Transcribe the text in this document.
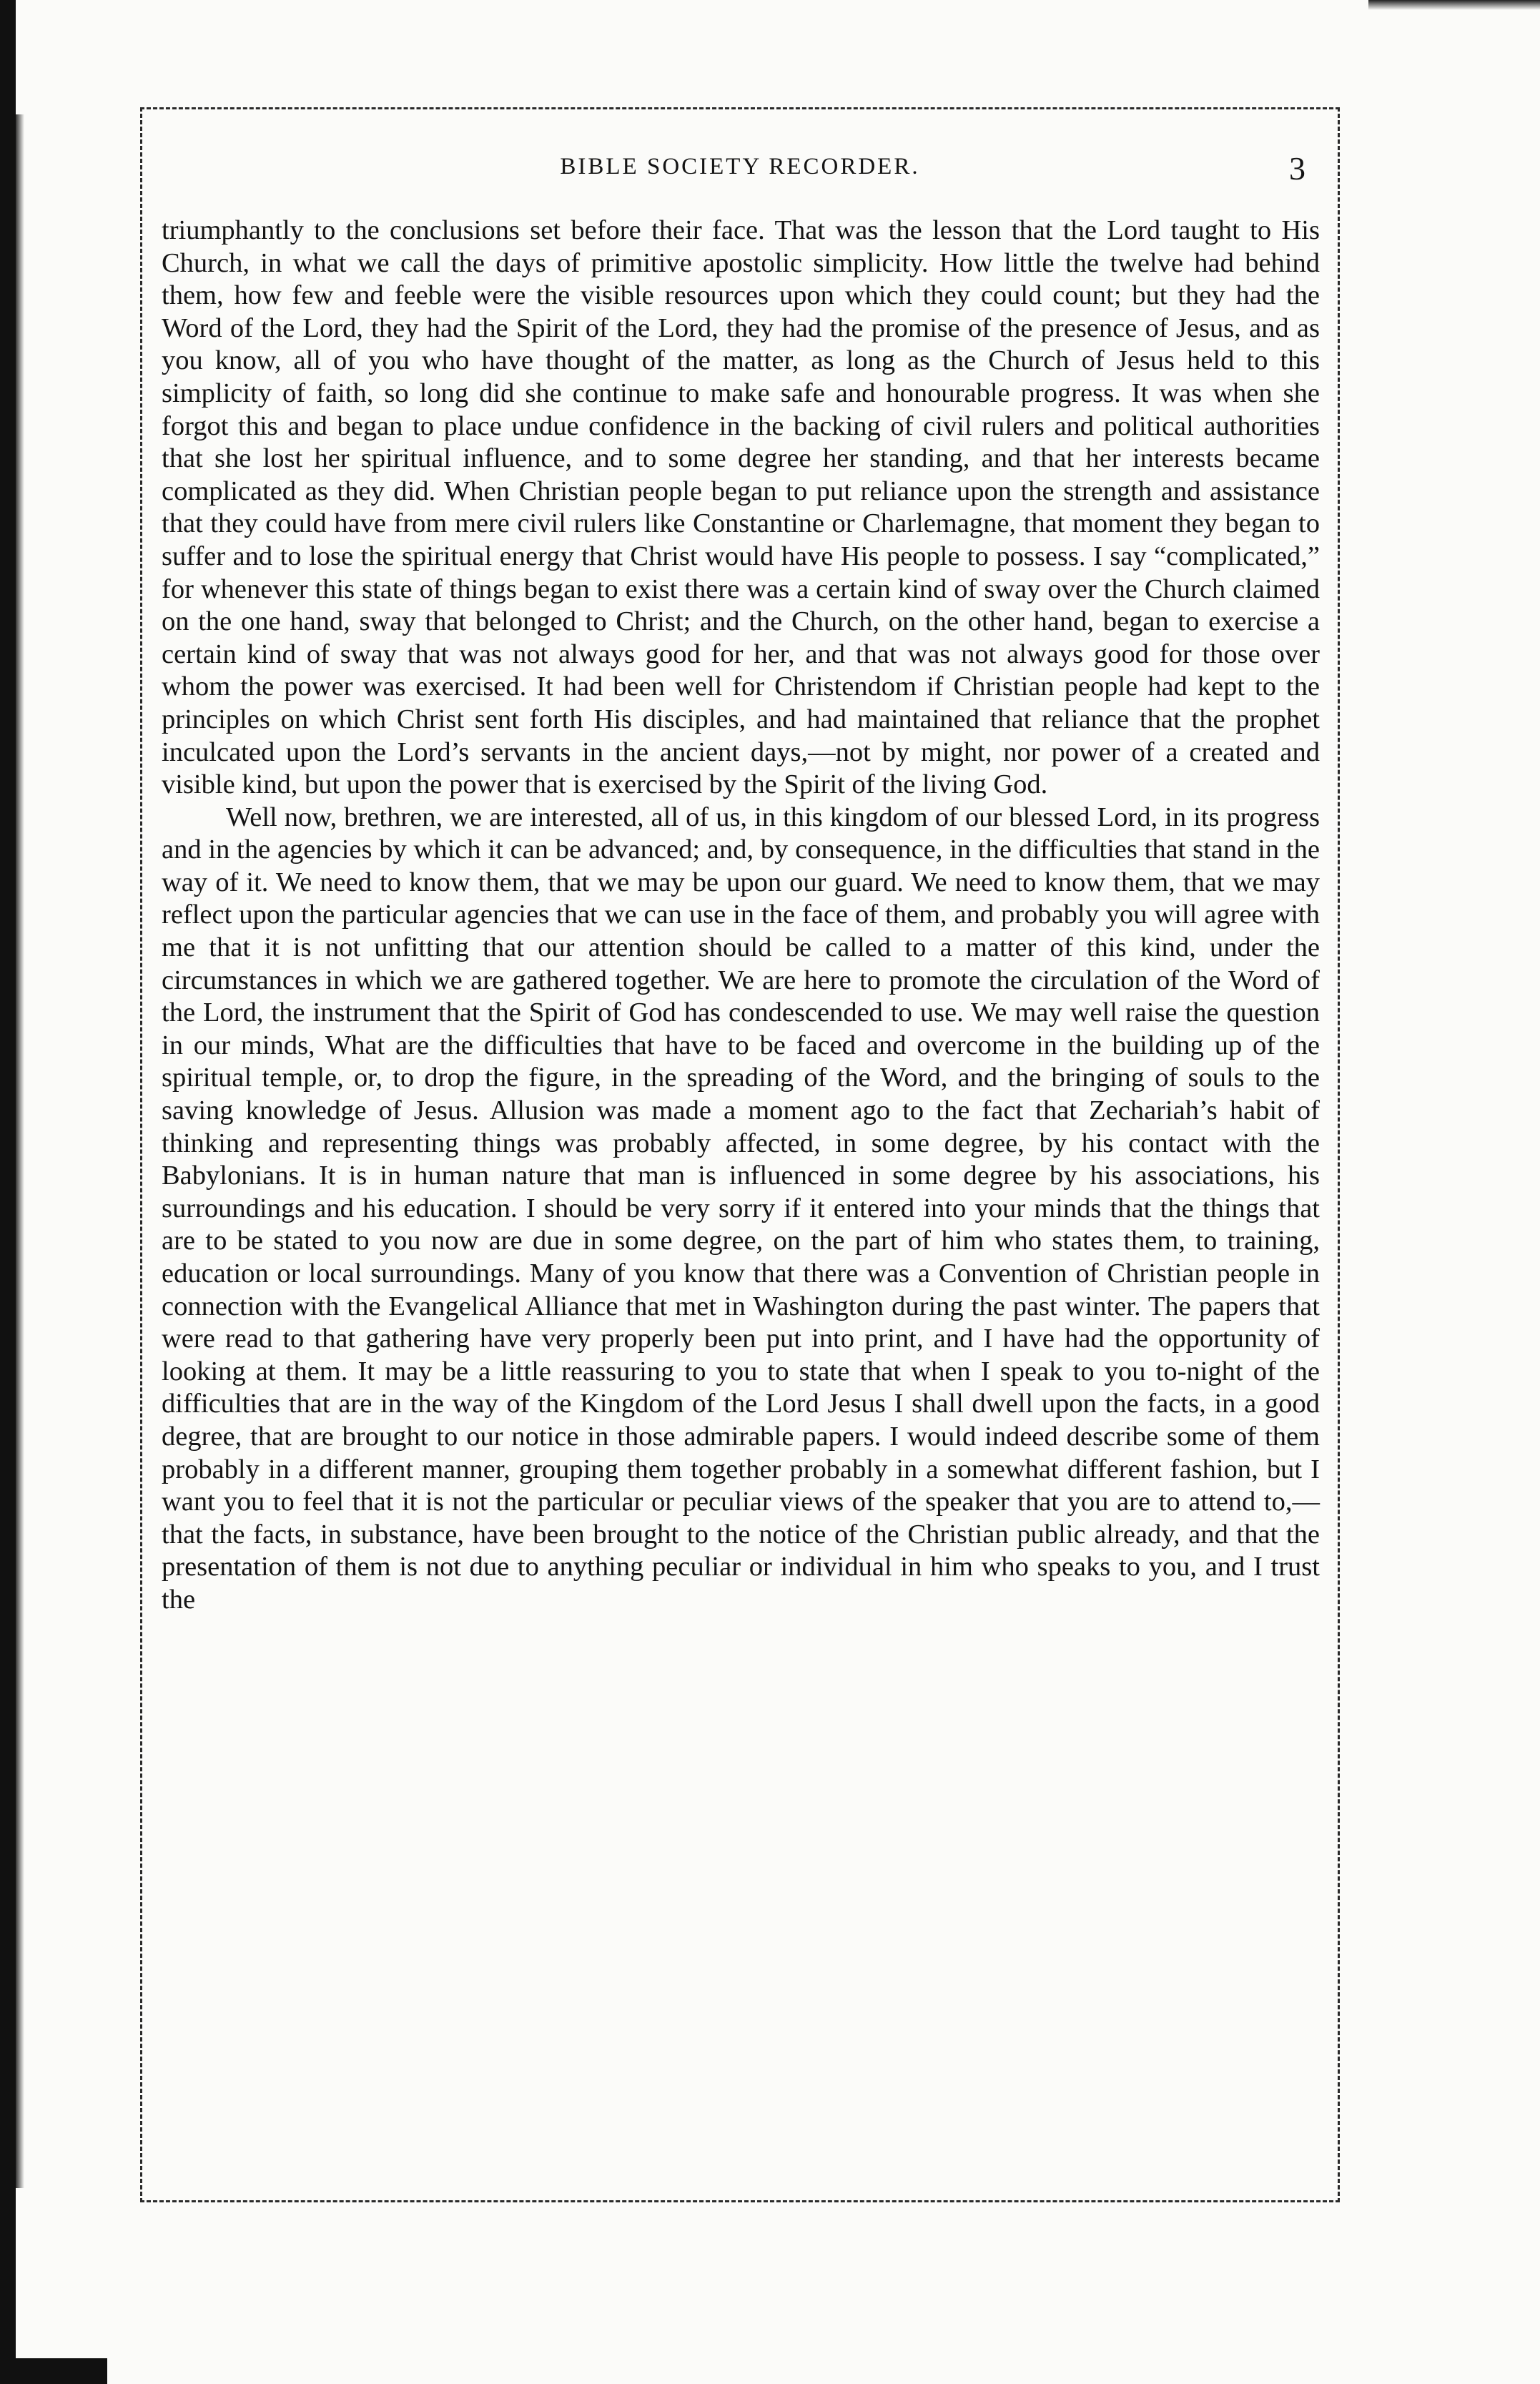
BIBLE SOCIETY RECORDER.	3

triumphantly to the conclusions set before their face. That was the lesson that the Lord taught to His Church, in what we call the days of primitive apostolic simplicity. How little the twelve had behind them, how few and feeble were the visible resources upon which they could count; but they had the Word of the Lord, they had the Spirit of the Lord, they had the promise of the presence of Jesus, and as you know, all of you who have thought of the matter, as long as the Church of Jesus held to this simplicity of faith, so long did she continue to make safe and honourable progress. It was when she forgot this and began to place undue confidence in the backing of civil rulers and political authorities that she lost her spiritual influence, and to some degree her standing, and that her interests became complicated as they did. When Christian people began to put reliance upon the strength and assistance that they could have from mere civil rulers like Constantine or Charlemagne, that moment they began to suffer and to lose the spiritual energy that Christ would have His people to possess. I say “complicated,” for whenever this state of things began to exist there was a certain kind of sway over the Church claimed on the one hand, sway that belonged to Christ; and the Church, on the other hand, began to exercise a certain kind of sway that was not always good for her, and that was not always good for those over whom the power was exercised. It had been well for Christendom if Christian people had kept to the principles on which Christ sent forth His disciples, and had maintained that reliance that the prophet inculcated upon the Lord’s servants in the ancient days,—not by might, nor power of a created and visible kind, but upon the power that is exercised by the Spirit of the living God.

Well now, brethren, we are interested, all of us, in this kingdom of our blessed Lord, in its progress and in the agencies by which it can be advanced; and, by consequence, in the difficulties that stand in the way of it. We need to know them, that we may be upon our guard. We need to know them, that we may reflect upon the particular agencies that we can use in the face of them, and probably you will agree with me that it is not unfitting that our attention should be called to a matter of this kind, under the circumstances in which we are gathered together. We are here to promote the circulation of the Word of the Lord, the instrument that the Spirit of God has condescended to use. We may well raise the question in our minds, What are the difficulties that have to be faced and overcome in the building up of the spiritual temple, or, to drop the figure, in the spreading of the Word, and the bringing of souls to the saving knowledge of Jesus. Allusion was made a moment ago to the fact that Zechariah’s habit of thinking and representing things was probably affected, in some degree, by his contact with the Babylonians. It is in human nature that man is influenced in some degree by his associations, his surroundings and his education. I should be very sorry if it entered into your minds that the things that are to be stated to you now are due in some degree, on the part of him who states them, to training, education or local surroundings. Many of you know that there was a Convention of Christian people in connection with the Evangelical Alliance that met in Washington during the past winter. The papers that were read to that gathering have very properly been put into print, and I have had the opportunity of looking at them. It may be a little reassuring to you to state that when I speak to you to-night of the difficulties that are in the way of the Kingdom of the Lord Jesus I shall dwell upon the facts, in a good degree, that are brought to our notice in those admirable papers. I would indeed describe some of them probably in a different manner, grouping them together probably in a somewhat different fashion, but I want you to feel that it is not the particular or peculiar views of the speaker that you are to attend to,—that the facts, in substance, have been brought to the notice of the Christian public already, and that the presentation of them is not due to anything peculiar or individual in him who speaks to you, and I trust the
